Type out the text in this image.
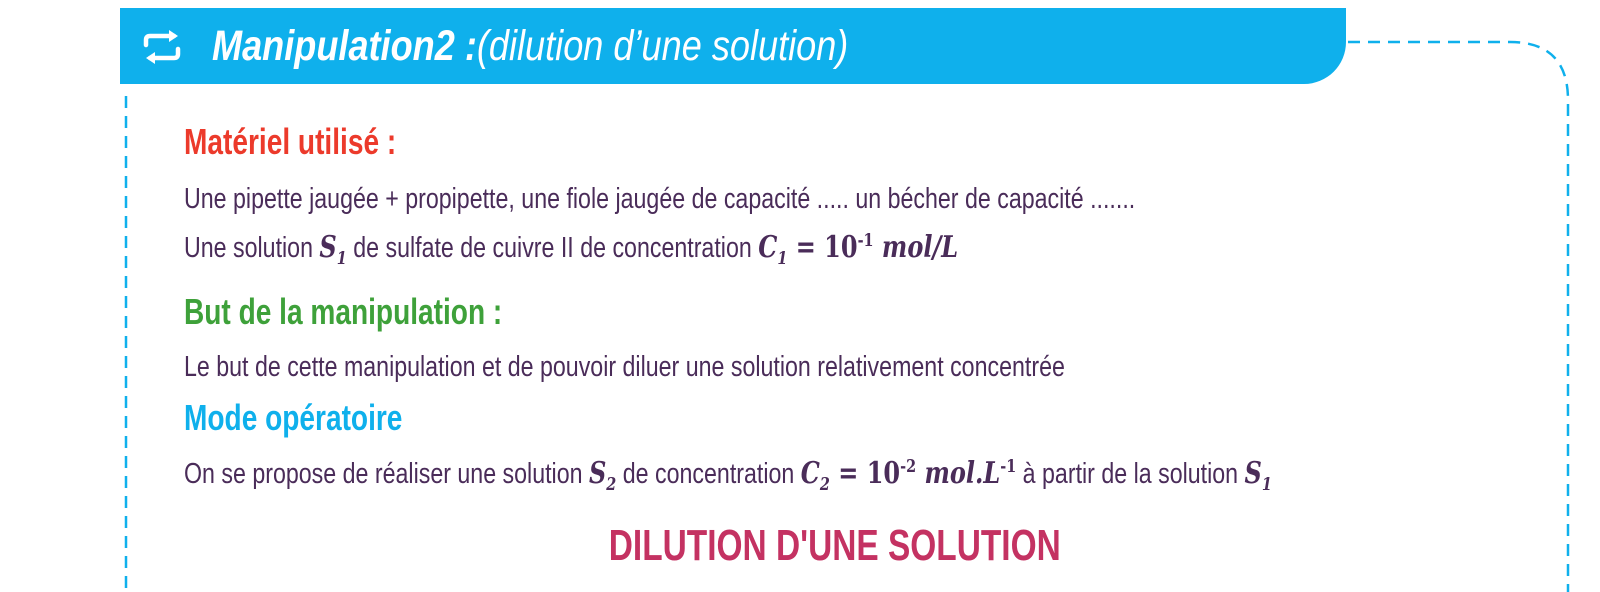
Manipulation2 :(dilution d’une solution)
Matériel utilisé :
Une pipette jaugée + propipette, une fiole jaugée de capacité ..... un bécher de capacité .......
Une solution $S_1$ de sulfate de cuivre II de concentration $C_1 = 10^{-1}$ mol/L
But de la manipulation :
Le but de cette manipulation et de pouvoir diluer une solution relativement concentrée
Mode opératoire
On se propose de réaliser une solution $S_2$ de concentration $C_2 = 10^{-2}$ $mol.L^{-1}$ à partir de la solution $S_1$
DILUTION D'UNE SOLUTION
